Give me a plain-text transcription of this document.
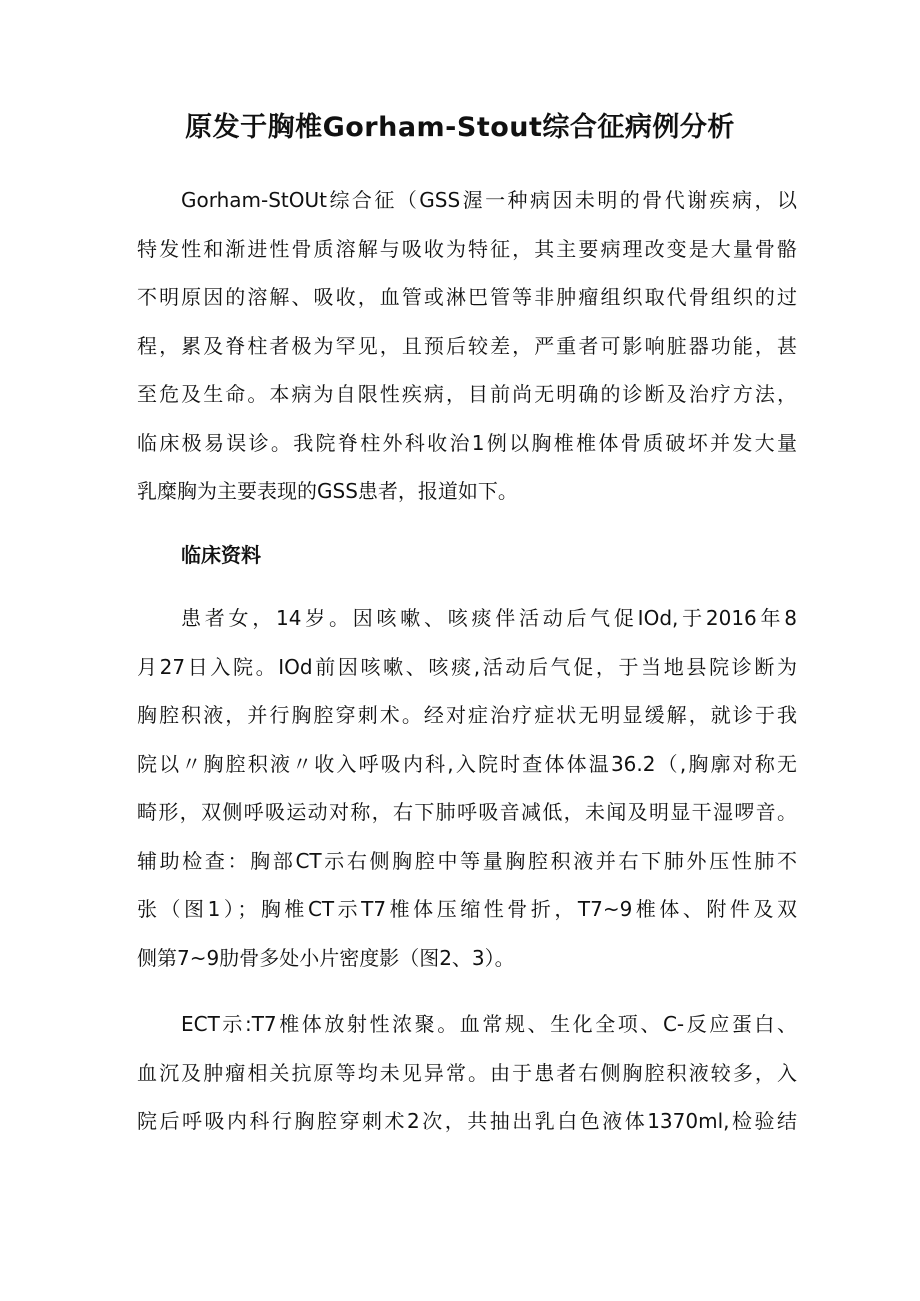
原发于胸椎Gorham-Stout综合征病例分析
Gorham-StOUt综合征（GSS渥一种病因未明的骨代谢疾病，以
特发性和渐进性骨质溶解与吸收为特征，其主要病理改变是大量骨骼
不明原因的溶解、吸收，血管或淋巴管等非肿瘤组织取代骨组织的过
程，累及脊柱者极为罕见，且预后较差，严重者可影响脏器功能，甚
至危及生命。本病为自限性疾病，目前尚无明确的诊断及治疗方法，
临床极易误诊。我院脊柱外科收治1例以胸椎椎体骨质破坏并发大量
乳糜胸为主要表现的GSS患者，报道如下。
临床资料
患者女，14岁。因咳嗽、咳痰伴活动后气促IOd,于2016年8
月27日入院。IOd前因咳嗽、咳痰,活动后气促，于当地县院诊断为
胸腔积液，并行胸腔穿刺术。经对症治疗症状无明显缓解，就诊于我
院以〃胸腔积液〃收入呼吸内科,入院时查体体温36.2（,胸廓对称无
畸形，双侧呼吸运动对称，右下肺呼吸音减低，未闻及明显干湿啰音。
辅助检查：胸部CT示右侧胸腔中等量胸腔积液并右下肺外压性肺不
张（图1）；胸椎CT示T7椎体压缩性骨折，T7~9椎体、附件及双
侧第7~9肋骨多处小片密度影（图2、3）。
ECT示:T7椎体放射性浓聚。血常规、生化全项、C-反应蛋白、
血沉及肿瘤相关抗原等均未见异常。由于患者右侧胸腔积液较多，入
院后呼吸内科行胸腔穿刺术2次，共抽出乳白色液体1370ml,检验结
